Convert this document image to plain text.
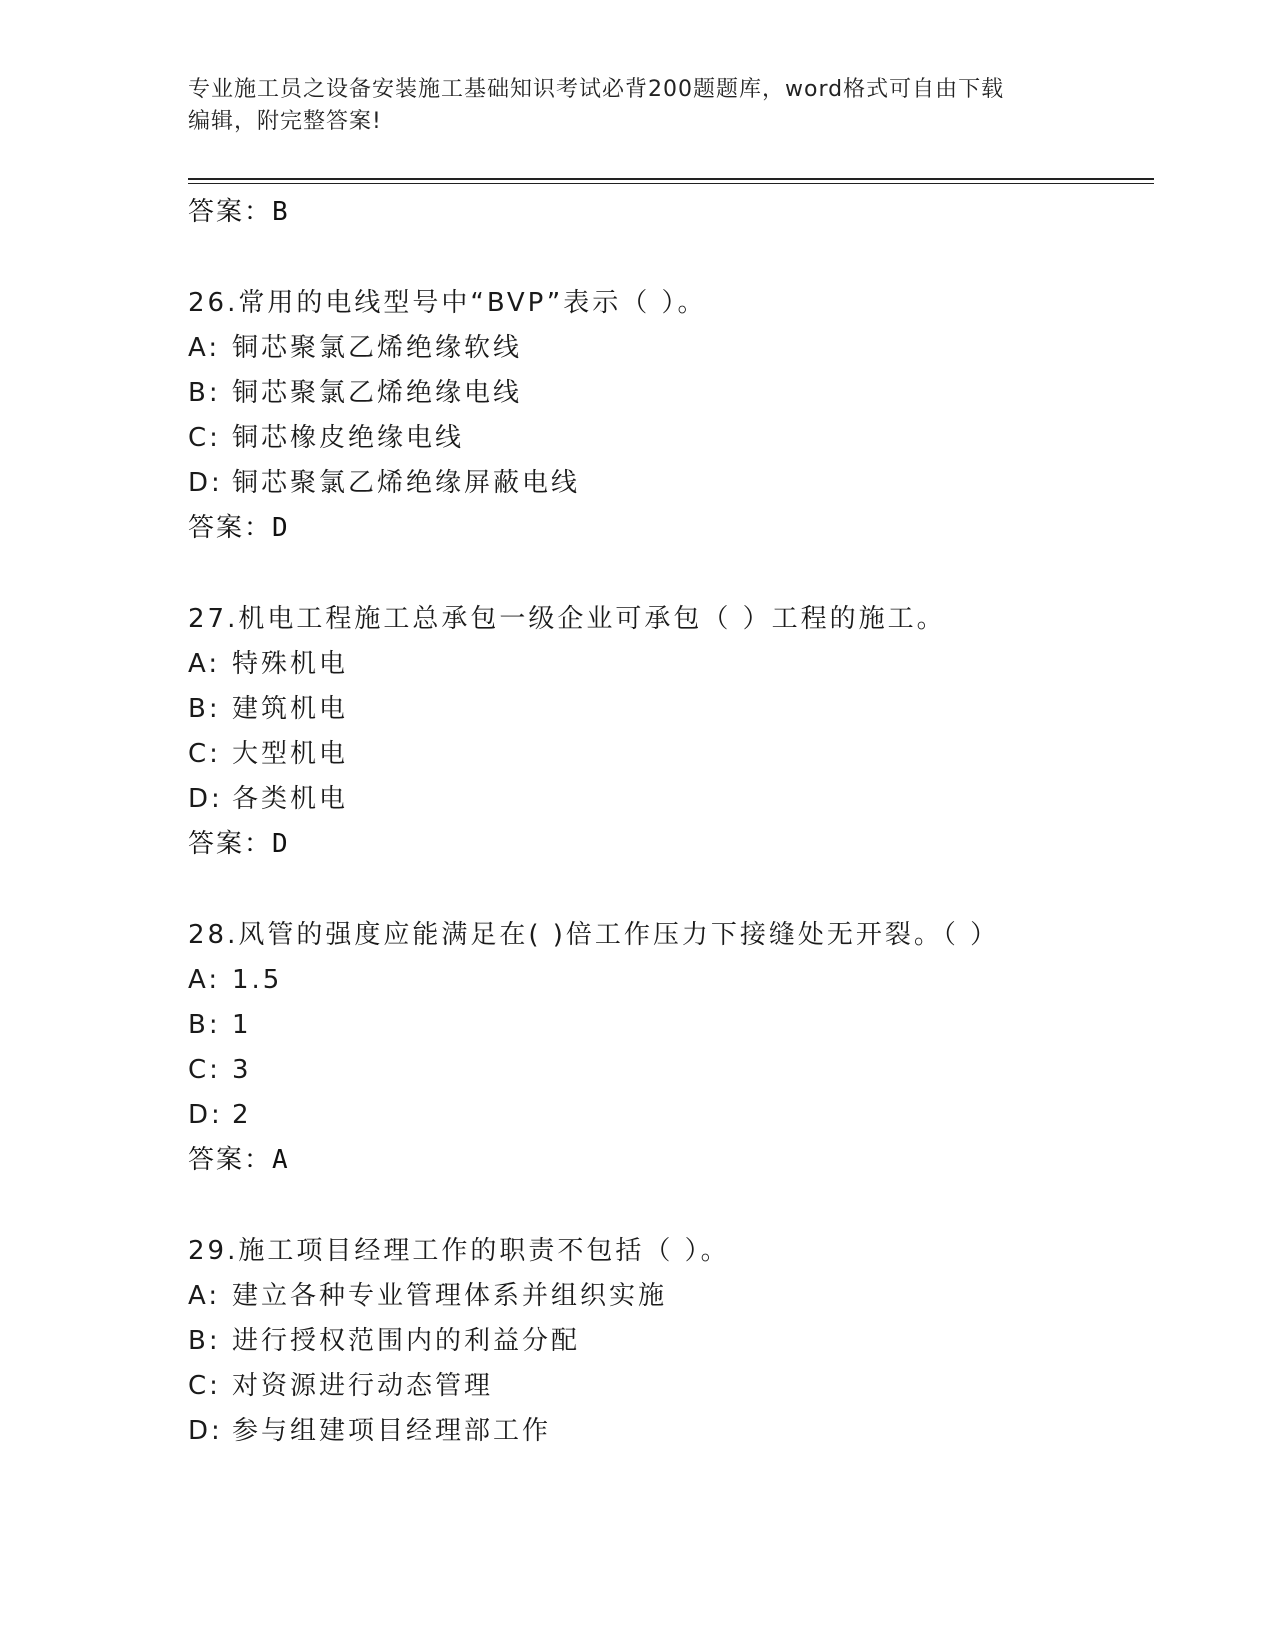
专业施工员之设备安装施工基础知识考试必背200题题库，word格式可自由下载
编辑，附完整答案!
答案：B
26.常用的电线型号中“BVP”表示（ ）。
A: 铜芯聚氯乙烯绝缘软线
B: 铜芯聚氯乙烯绝缘电线
C: 铜芯橡皮绝缘电线
D: 铜芯聚氯乙烯绝缘屏蔽电线
答案：D
27.机电工程施工总承包一级企业可承包（ ）工程的施工。
A: 特殊机电
B: 建筑机电
C: 大型机电
D: 各类机电
答案：D
28.风管的强度应能满足在( )倍工作压力下接缝处无开裂。（ ）
A: 1.5
B: 1
C: 3
D: 2
答案：A
29.施工项目经理工作的职责不包括（ ）。
A: 建立各种专业管理体系并组织实施
B: 进行授权范围内的利益分配
C: 对资源进行动态管理
D: 参与组建项目经理部工作
